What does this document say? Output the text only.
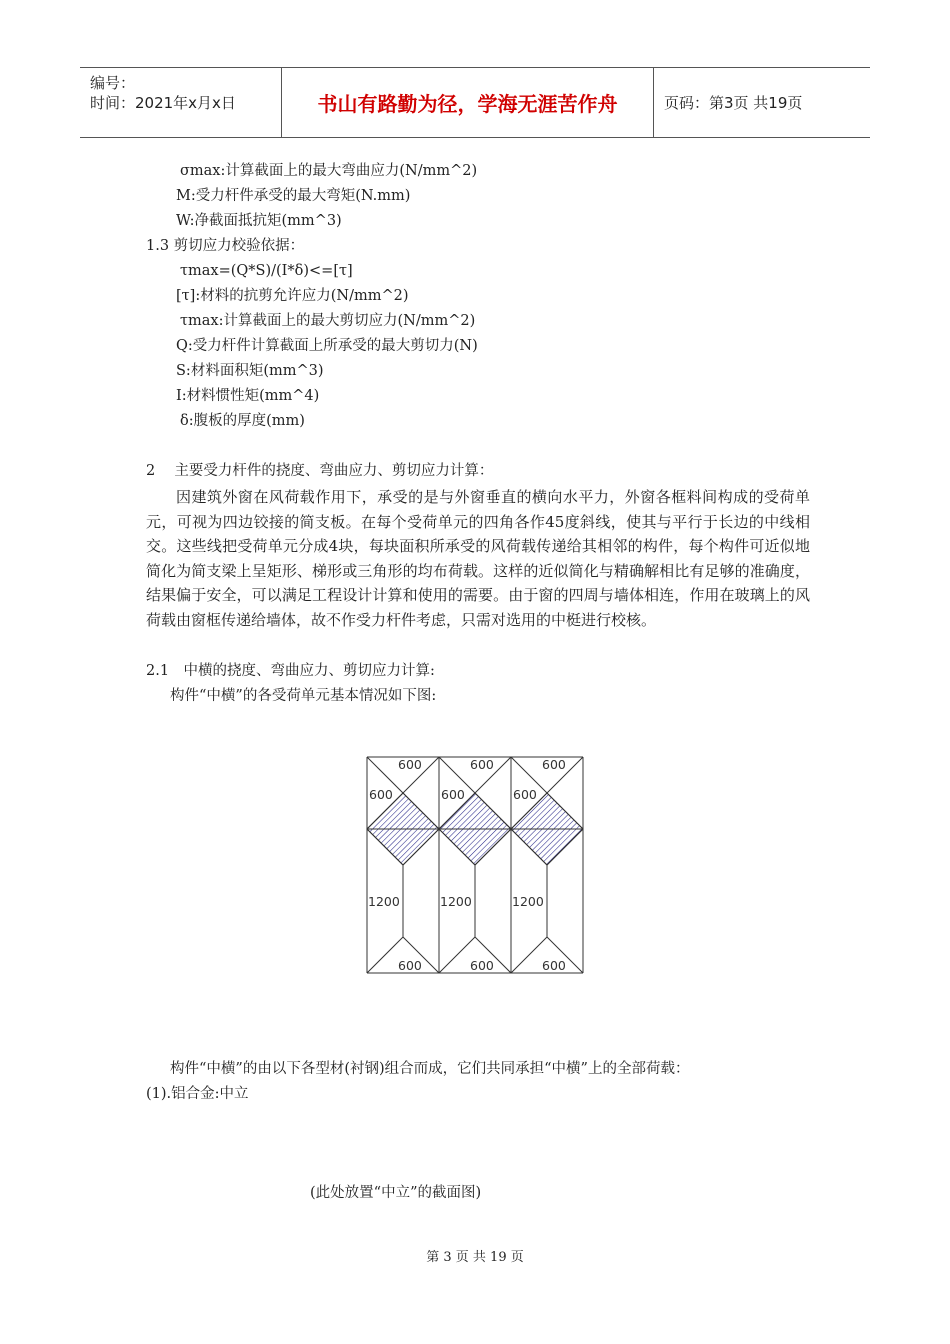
编号：
时间：2021年x月x日	书山有路勤为径，学海无涯苦作舟	页码：第3页 共19页
σmax:计算截面上的最大弯曲应力(N/mm^2)
M:受力杆件承受的最大弯矩(N.mm)
W:净截面抵抗矩(mm^3)
1.3 剪切应力校验依据：
τmax=(Q*S)/(I*δ)<=[τ]
[τ]:材料的抗剪允许应力(N/mm^2)
τmax:计算截面上的最大剪切应力(N/mm^2)
Q:受力杆件计算截面上所承受的最大剪切力(N)
S:材料面积矩(mm^3)
I:材料惯性矩(mm^4)
δ:腹板的厚度(mm)
2　 主要受力杆件的挠度、弯曲应力、剪切应力计算：
因建筑外窗在风荷载作用下，承受的是与外窗垂直的横向水平力，外窗各框料间构成的受荷单元，可视为四边铰接的简支板。在每个受荷单元的四角各作45度斜线，使其与平行于长边的中线相交。这些线把受荷单元分成4块，每块面积所承受的风荷载传递给其相邻的构件，每个构件可近似地简化为简支梁上呈矩形、梯形或三角形的均布荷载。这样的近似简化与精确解相比有足够的准确度，结果偏于安全，可以满足工程设计计算和使用的需要。由于窗的四周与墙体相连，作用在玻璃上的风荷载由窗框传递给墙体，故不作受力杆件考虑，只需对选用的中梃进行校核。
2.1　中横的挠度、弯曲应力、剪切应力计算:
构件“中横”的各受荷单元基本情况如下图:
600
600
1200
600
600
600
1200
600
600
600
1200
600
构件“中横”的由以下各型材(衬钢)组合而成，它们共同承担“中横”上的全部荷载：
(1).铝合金:中立
(此处放置“中立”的截面图)
第 3 页 共 19 页
